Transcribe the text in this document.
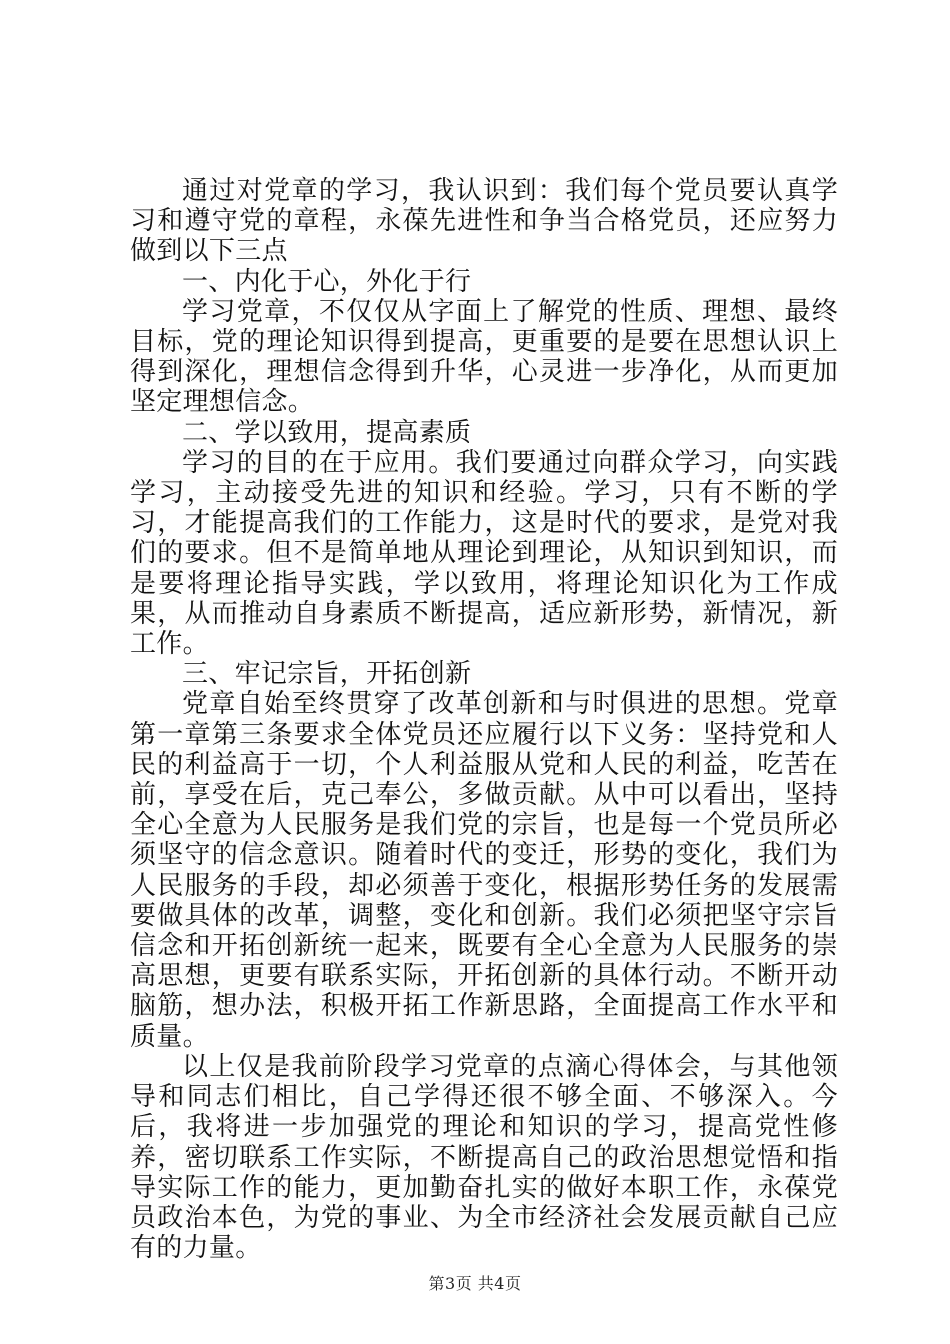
通过对党章的学习，我认识到：我们每个党员要认真学习和遵守党的章程，永葆先进性和争当合格党员，还应努力做到以下三点

一、内化于心，外化于行

学习党章，不仅仅从字面上了解党的性质、理想、最终目标，党的理论知识得到提高，更重要的是要在思想认识上得到深化，理想信念得到升华，心灵进一步净化，从而更加坚定理想信念。

二、学以致用，提高素质

学习的目的在于应用。我们要通过向群众学习，向实践学习，主动接受先进的知识和经验。学习，只有不断的学习，才能提高我们的工作能力，这是时代的要求，是党对我们的要求。但不是简单地从理论到理论，从知识到知识，而是要将理论指导实践，学以致用，将理论知识化为工作成果，从而推动自身素质不断提高，适应新形势，新情况，新工作。

三、牢记宗旨，开拓创新

党章自始至终贯穿了改革创新和与时俱进的思想。党章第一章第三条要求全体党员还应履行以下义务：坚持党和人民的利益高于一切，个人利益服从党和人民的利益，吃苦在前，享受在后，克己奉公，多做贡献。从中可以看出，坚持全心全意为人民服务是我们党的宗旨，也是每一个党员所必须坚守的信念意识。随着时代的变迁，形势的变化，我们为人民服务的手段，却必须善于变化，根据形势任务的发展需要做具体的改革，调整，变化和创新。我们必须把坚守宗旨信念和开拓创新统一起来，既要有全心全意为人民服务的崇高思想，更要有联系实际，开拓创新的具体行动。不断开动脑筋，想办法，积极开拓工作新思路，全面提高工作水平和质量。

以上仅是我前阶段学习党章的点滴心得体会，与其他领导和同志们相比，自己学得还很不够全面、不够深入。今后，我将进一步加强党的理论和知识的学习，提高党性修养，密切联系工作实际，不断提高自己的政治思想觉悟和指导实际工作的能力，更加勤奋扎实的做好本职工作，永葆党员政治本色，为党的事业、为全市经济社会发展贡献自己应有的力量。

第3页 共4页
